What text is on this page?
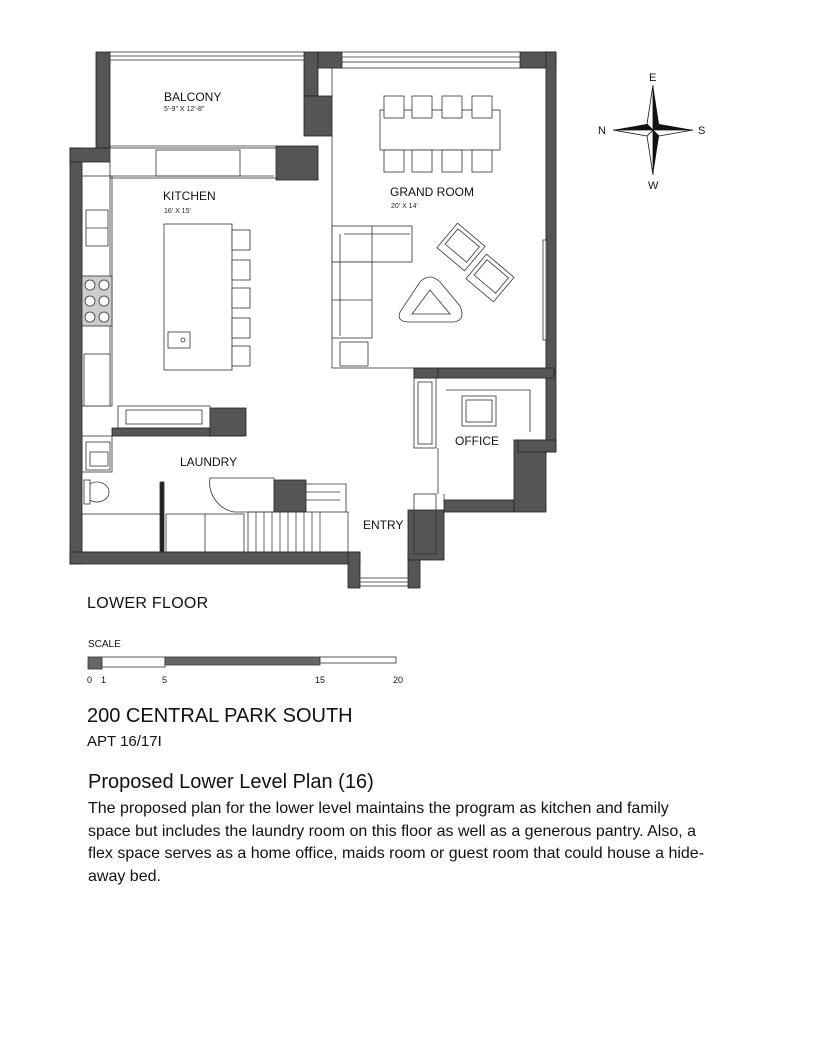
BALCONY
5'-9" X 12'-8"
KITCHEN
16' X 15'
GRAND ROOM
20' X 14'
LAUNDRY
OFFICE
ENTRY
E
W
N	S
SCALE
0 1	5	15	20
LOWER FLOOR
200 CENTRAL PARK SOUTH
APT 16/17I
Proposed Lower Level Plan (16)
The proposed plan for the lower level maintains the program as kitchen and family space but includes the laundry room on this floor as well as a generous pantry. Also, a flex space serves as a home office, maids room or guest room that could house a hide-away bed.
